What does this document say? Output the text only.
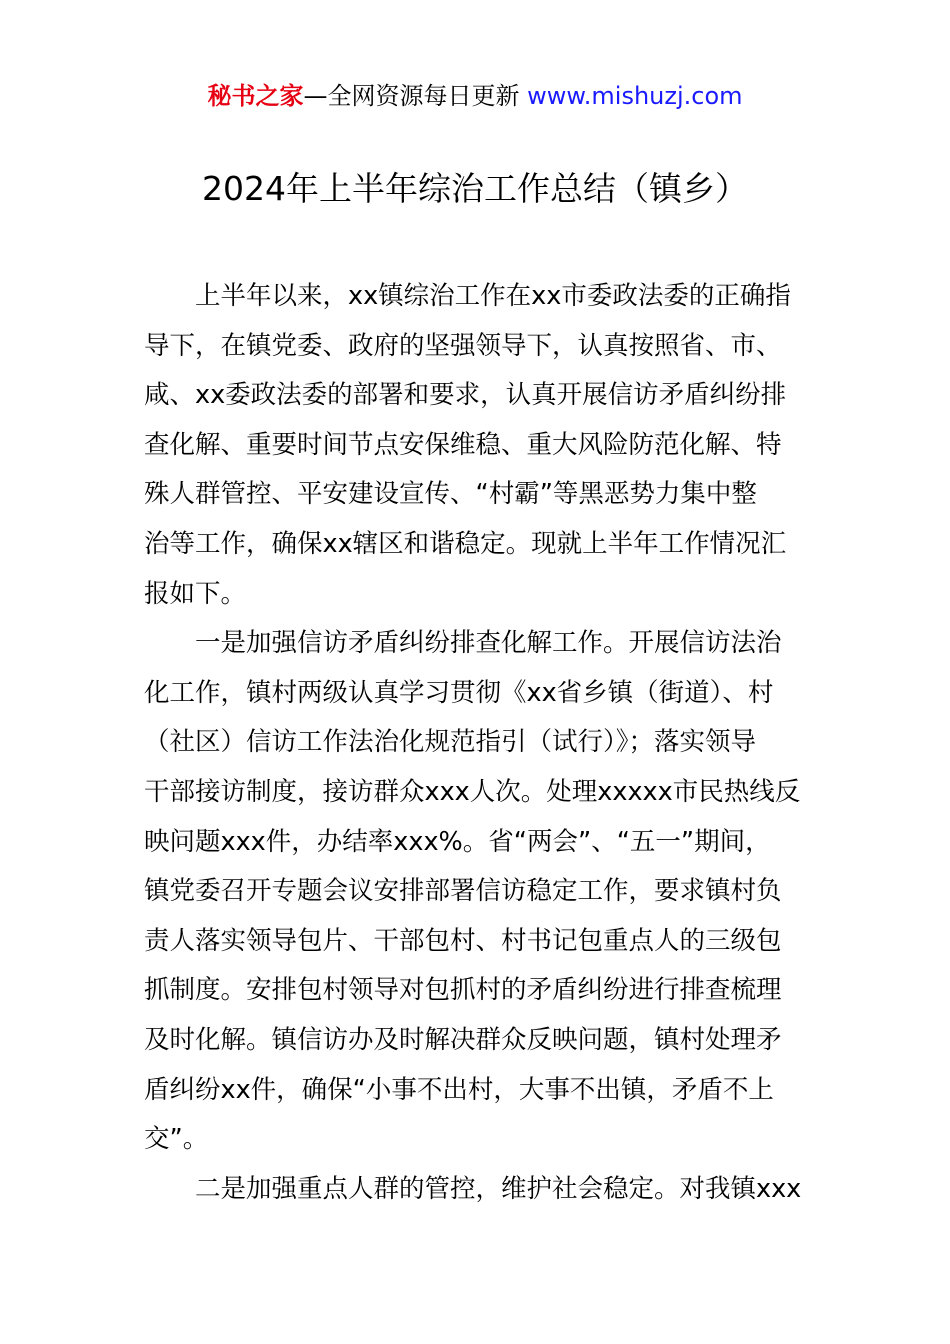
秘书之家—全网资源每日更新 www.mishuzj.com
2024年上半年综治工作总结（镇乡）
上半年以来，xx镇综治工作在xx市委政法委的正确指
导下，在镇党委、政府的坚强领导下，认真按照省、市、
咸、xx委政法委的部署和要求，认真开展信访矛盾纠纷排
查化解、重要时间节点安保维稳、重大风险防范化解、特
殊人群管控、平安建设宣传、“村霸”等黑恶势力集中整
治等工作，确保xx辖区和谐稳定。现就上半年工作情况汇
报如下。
一是加强信访矛盾纠纷排查化解工作。开展信访法治
化工作，镇村两级认真学习贯彻《xx省乡镇（街道）、村
（社区）信访工作法治化规范指引（试行）》；落实领导
干部接访制度，接访群众xxx人次。处理xxxxx市民热线反
映问题xxx件，办结率xxx%。省“两会”、“五一”期间，
镇党委召开专题会议安排部署信访稳定工作，要求镇村负
责人落实领导包片、干部包村、村书记包重点人的三级包
抓制度。安排包村领导对包抓村的矛盾纠纷进行排查梳理
及时化解。镇信访办及时解决群众反映问题，镇村处理矛
盾纠纷xx件，确保“小事不出村，大事不出镇，矛盾不上
交”。
二是加强重点人群的管控，维护社会稳定。对我镇xxx
